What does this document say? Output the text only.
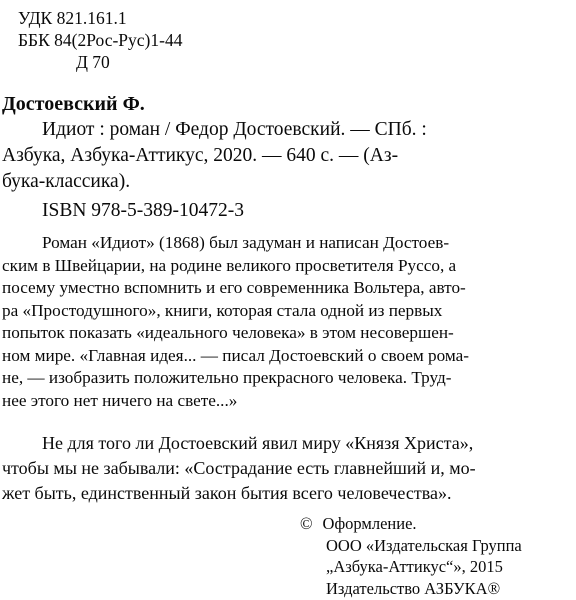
УДК 821.161.1
ББК 84(2Рос-Рус)1-44
Д 70
Достоевский Ф.
Идиот : роман / Федор Достоевский. — СПб. :
Азбука, Азбука-Аттикус, 2020. — 640 с. — (Аз-
бука-классика).
ISBN 978-5-389-10472-3
Роман «Идиот» (1868) был задуман и написан Достоев-
ским в Швейцарии, на родине великого просветителя Руссо, а
посему уместно вспомнить и его современника Вольтера, авто-
ра «Простодушного», книги, которая стала одной из первых
попыток показать «идеального человека» в этом несовершен-
ном мире. «Главная идея... — писал Достоевский о своем рома-
не, — изобразить положительно прекрасного человека. Труд-
нее этого нет ничего на свете...»
Не для того ли Достоевский явил миру «Князя Христа»,
чтобы мы не забывали: «Сострадание есть главнейший и, мо-
жет быть, единственный закон бытия всего человечества».
© Оформление.
ООО «Издательская Группа
„Азбука-Аттикус“», 2015
Издательство АЗБУКА®
